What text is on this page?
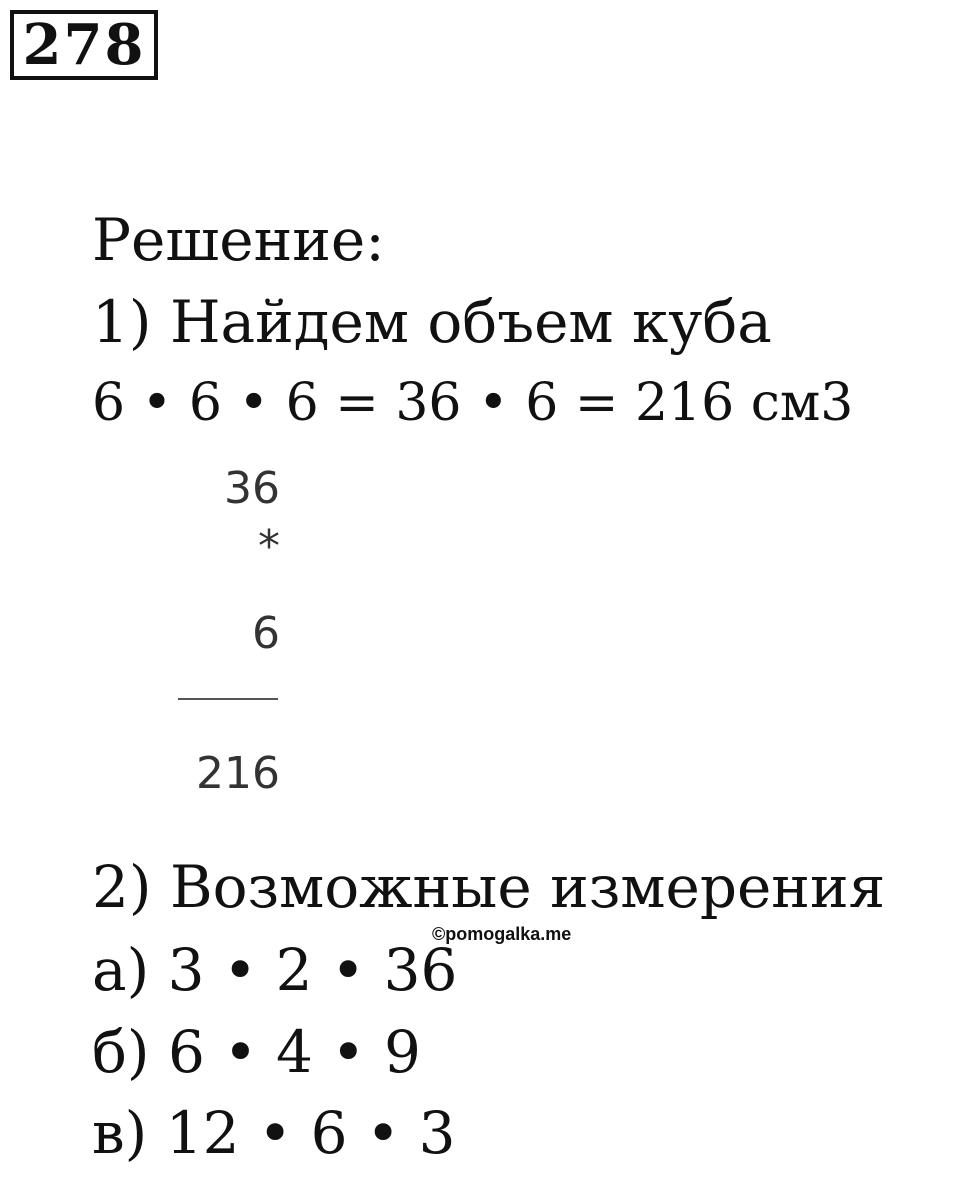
278
Решение:
1) Найдем объем куба
6 • 6 • 6 = 36 • 6 = 216 см3
36
*
6
216
2) Возможные измерения
©pomogalka.me
а) 3 • 2 • 36
б) 6 • 4 • 9
в) 12 • 6 • 3
